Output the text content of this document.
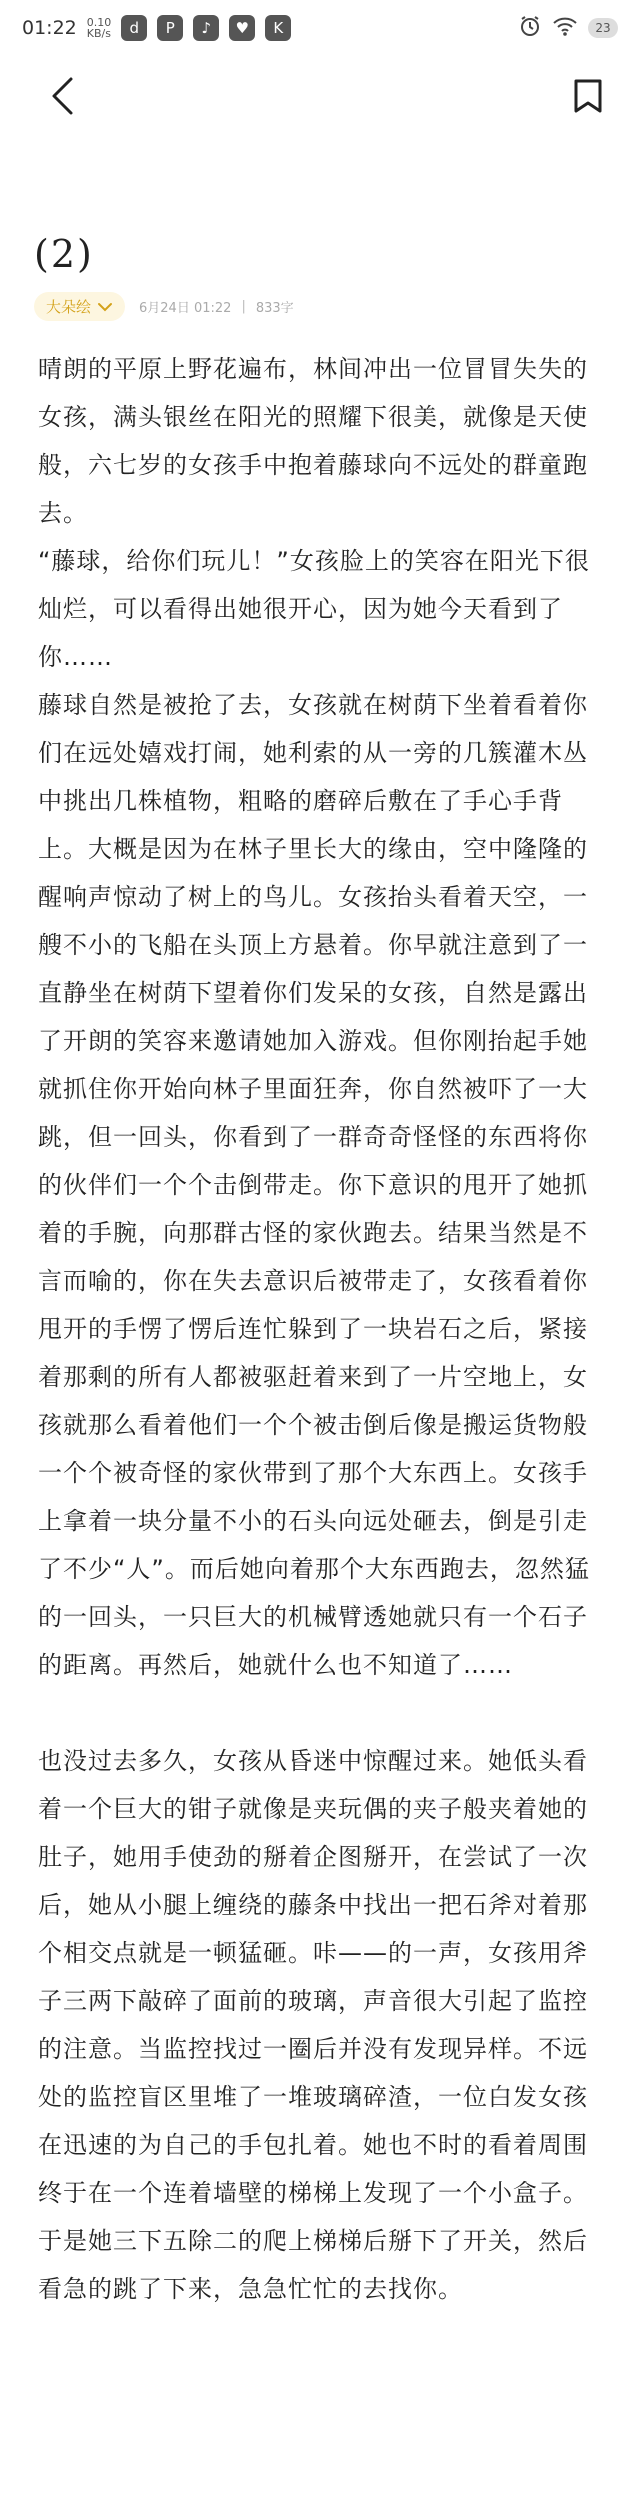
01:22 0.10
KB/s	d	P	♪	♥	K	23
(2)
大朵绘	6月24日 01:22 | 833字

晴朗的平原上野花遍布，林间冲出一位冒冒失失的女孩，满头银丝在阳光的照耀下很美，就像是天使般，六七岁的女孩手中抱着藤球向不远处的群童跑去。

“藤球，给你们玩儿！”女孩脸上的笑容在阳光下很灿烂，可以看得出她很开心，因为她今天看到了你……

藤球自然是被抢了去，女孩就在树荫下坐着看着你们在远处嬉戏打闹，她利索的从一旁的几簇灌木丛中挑出几株植物，粗略的磨碎后敷在了手心手背上。大概是因为在林子里长大的缘由，空中隆隆的醒响声惊动了树上的鸟儿。女孩抬头看着天空，一艘不小的飞船在头顶上方悬着。你早就注意到了一直静坐在树荫下望着你们发呆的女孩，自然是露出了开朗的笑容来邀请她加入游戏。但你刚抬起手她就抓住你开始向林子里面狂奔，你自然被吓了一大跳，但一回头，你看到了一群奇奇怪怪的东西将你的伙伴们一个个击倒带走。你下意识的甩开了她抓着的手腕，向那群古怪的家伙跑去。结果当然是不言而喻的，你在失去意识后被带走了，女孩看着你甩开的手愣了愣后连忙躲到了一块岩石之后，紧接着那剩的所有人都被驱赶着来到了一片空地上，女孩就那么看着他们一个个被击倒后像是搬运货物般一个个被奇怪的家伙带到了那个大东西上。女孩手上拿着一块分量不小的石头向远处砸去，倒是引走了不少“人”。而后她向着那个大东西跑去，忽然猛的一回头，一只巨大的机械臂透她就只有一个石子的距离。再然后，她就什么也不知道了……

也没过去多久，女孩从昏迷中惊醒过来。她低头看着一个巨大的钳子就像是夹玩偶的夹子般夹着她的肚子，她用手使劲的掰着企图掰开，在尝试了一次后，她从小腿上缠绕的藤条中找出一把石斧对着那个相交点就是一顿猛砸。咔——的一声，女孩用斧子三两下敲碎了面前的玻璃，声音很大引起了监控的注意。当监控找过一圈后并没有发现异样。不远处的监控盲区里堆了一堆玻璃碎渣，一位白发女孩在迅速的为自己的手包扎着。她也不时的看着周围终于在一个连着墙壁的梯梯上发现了一个小盒子。于是她三下五除二的爬上梯梯后掰下了开关，然后看急的跳了下来，急急忙忙的去找你。
